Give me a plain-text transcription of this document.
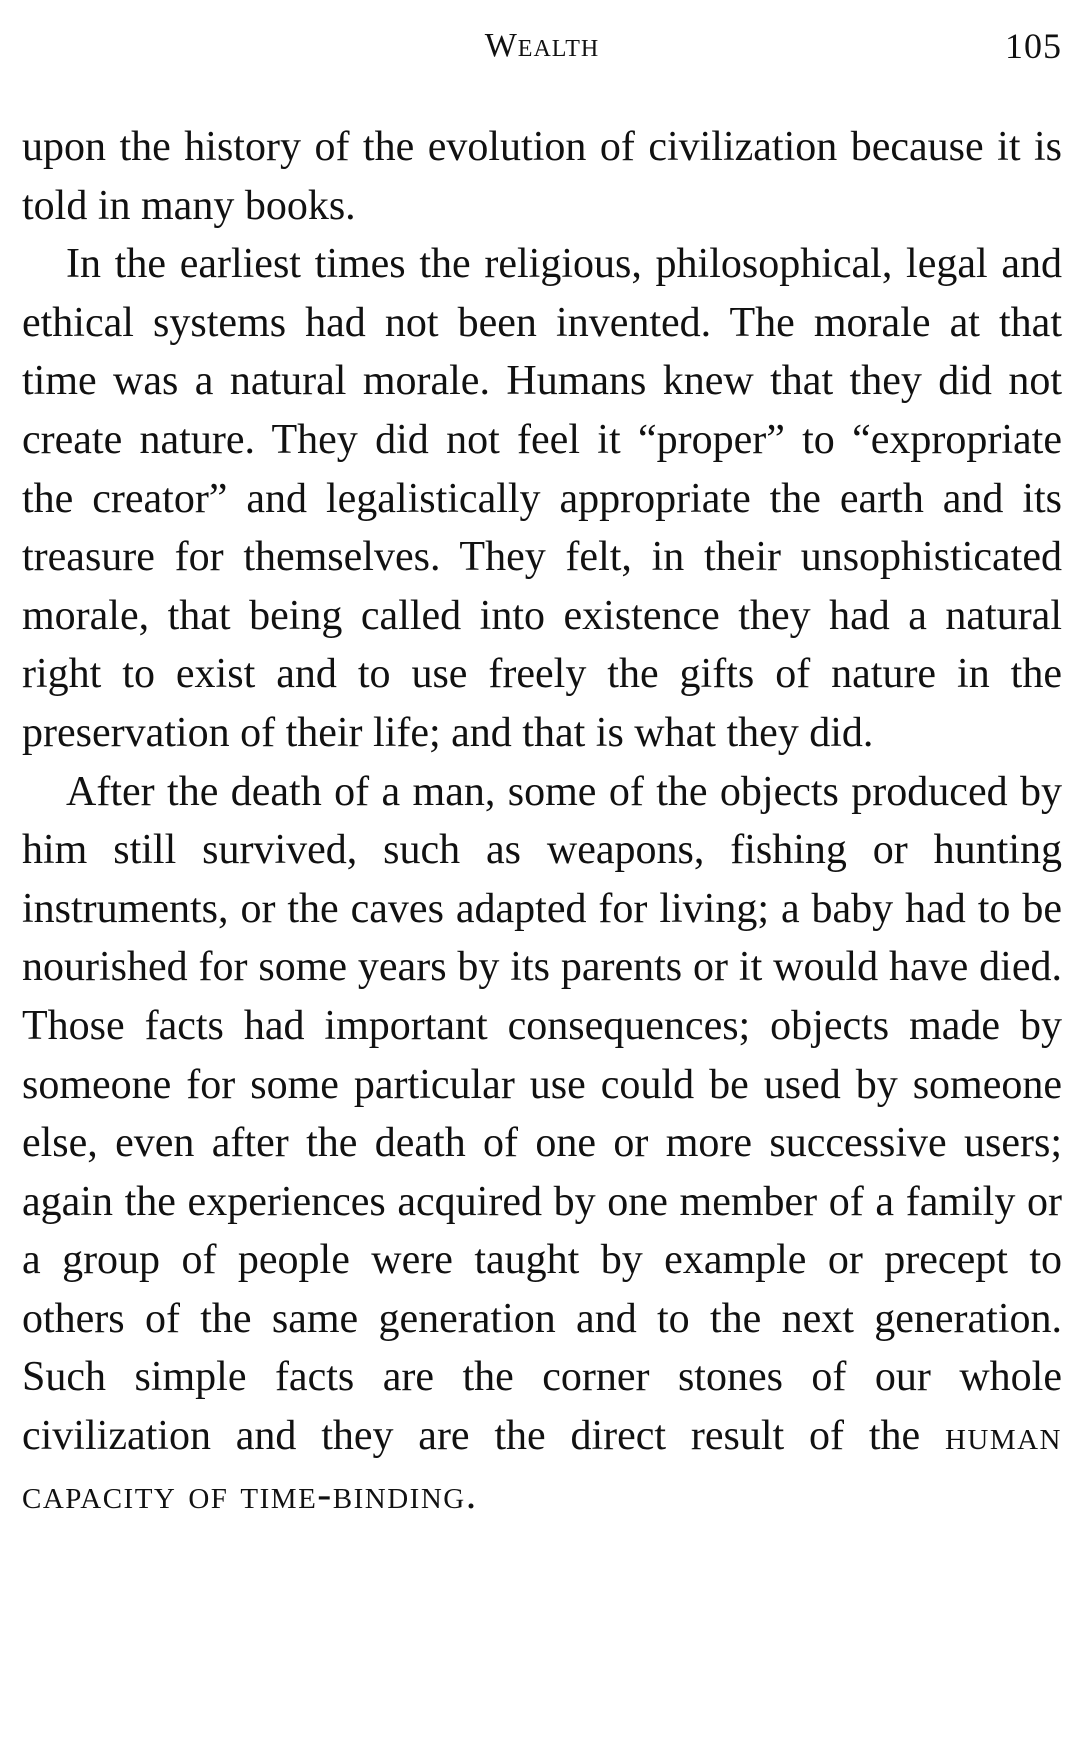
Wealth	105

upon the history of the evolution of civilization because it is told in many books.

In the earliest times the religious, philosophical, legal and ethical systems had not been invented. The morale at that time was a natural morale. Humans knew that they did not create nature. They did not feel it “proper” to “expropriate the creator” and legalistically appropriate the earth and its treasure for themselves. They felt, in their unsophisticated morale, that being called into existence they had a natural right to exist and to use freely the gifts of nature in the preservation of their life; and that is what they did.

After the death of a man, some of the objects produced by him still survived, such as weapons, fishing or hunting instruments, or the caves adapted for living; a baby had to be nourished for some years by its parents or it would have died. Those facts had important consequences; objects made by someone for some particular use could be used by someone else, even after the death of one or more successive users; again the experiences acquired by one member of a family or a group of people were taught by example or precept to others of the same generation and to the next generation. Such simple facts are the corner stones of our whole civilization and they are the direct result of the human capacity of time-binding.
